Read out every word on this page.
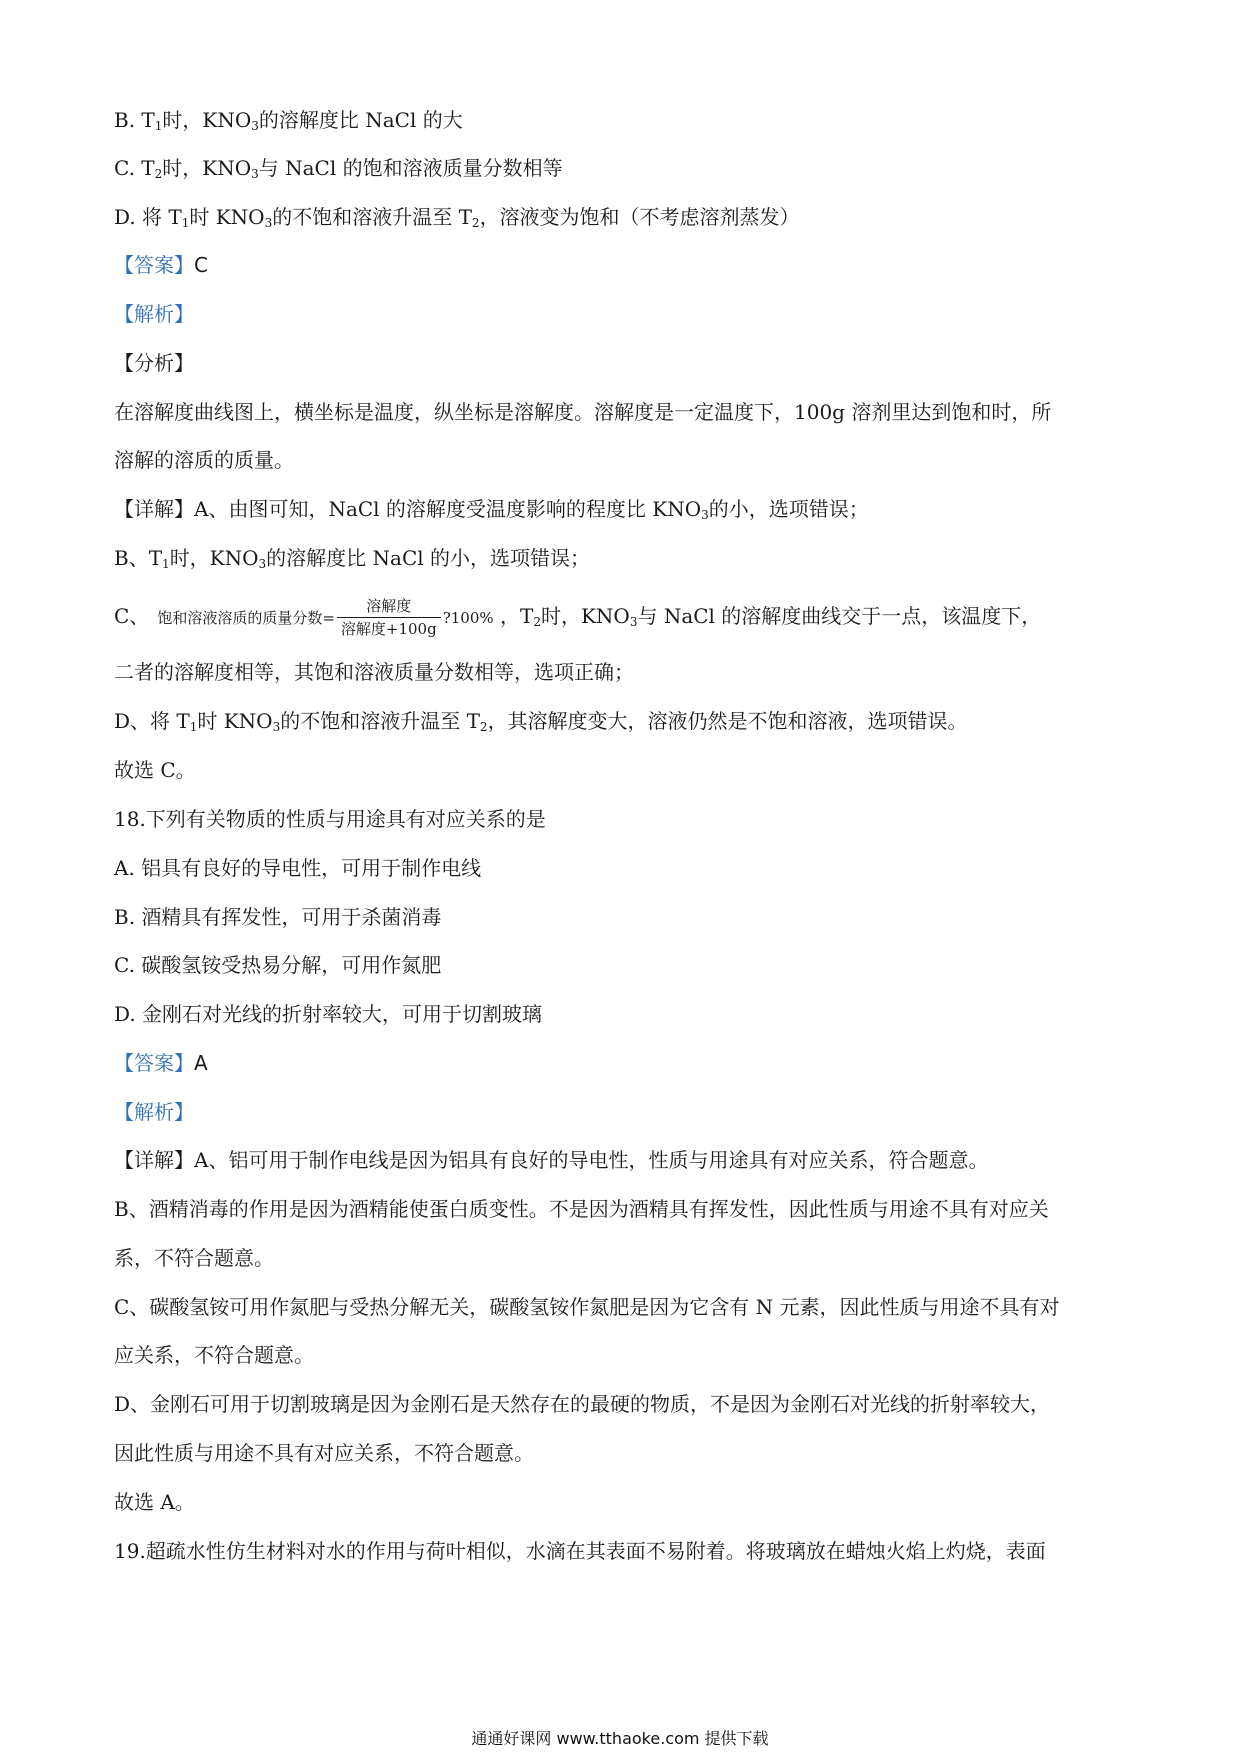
B. $T_1$时，$KNO_3$的溶解度比 NaCl 的大
C. $T_2$时，$KNO_3$与 NaCl 的饱和溶液质量分数相等
D. 将 $T_1$时 $KNO_3$的不饱和溶液升温至 $T_2$，溶液变为饱和（不考虑溶剂蒸发）
【答案】C
【解析】
【分析】
在溶解度曲线图上，横坐标是温度，纵坐标是溶解度。溶解度是一定温度下，100g 溶剂里达到饱和时，所
溶解的溶质的质量。
【详解】A、由图可知，NaCl 的溶解度受温度影响的程度比 $KNO_3$的小，选项错误；
B、$T_1$时，$KNO_3$的溶解度比 NaCl 的小，选项错误；
C、 饱和溶液溶质的质量分数= $\frac{\text{溶解度}}{\text{溶解度+100g}}$ ?100% ，$T_2$时，$KNO_3$与 NaCl 的溶解度曲线交于一点，该温度下，
二者的溶解度相等，其饱和溶液质量分数相等，选项正确；
D、将 $T_1$时 $KNO_3$的不饱和溶液升温至 $T_2$，其溶解度变大，溶液仍然是不饱和溶液，选项错误。
故选 C。
18.下列有关物质的性质与用途具有对应关系的是
A. 铝具有良好的导电性，可用于制作电线
B. 酒精具有挥发性，可用于杀菌消毒
C. 碳酸氢铵受热易分解，可用作氮肥
D. 金刚石对光线的折射率较大，可用于切割玻璃
【答案】A
【解析】
【详解】A、铝可用于制作电线是因为铝具有良好的导电性，性质与用途具有对应关系，符合题意。
B、酒精消毒的作用是因为酒精能使蛋白质变性。不是因为酒精具有挥发性，因此性质与用途不具有对应关
系，不符合题意。
C、碳酸氢铵可用作氮肥与受热分解无关，碳酸氢铵作氮肥是因为它含有 N 元素，因此性质与用途不具有对
应关系，不符合题意。
D、金刚石可用于切割玻璃是因为金刚石是天然存在的最硬的物质，不是因为金刚石对光线的折射率较大，
因此性质与用途不具有对应关系，不符合题意。
故选 A。
19.超疏水性仿生材料对水的作用与荷叶相似，水滴在其表面不易附着。将玻璃放在蜡烛火焰上灼烧，表面
通通好课网 www.tthaoke.com 提供下载
